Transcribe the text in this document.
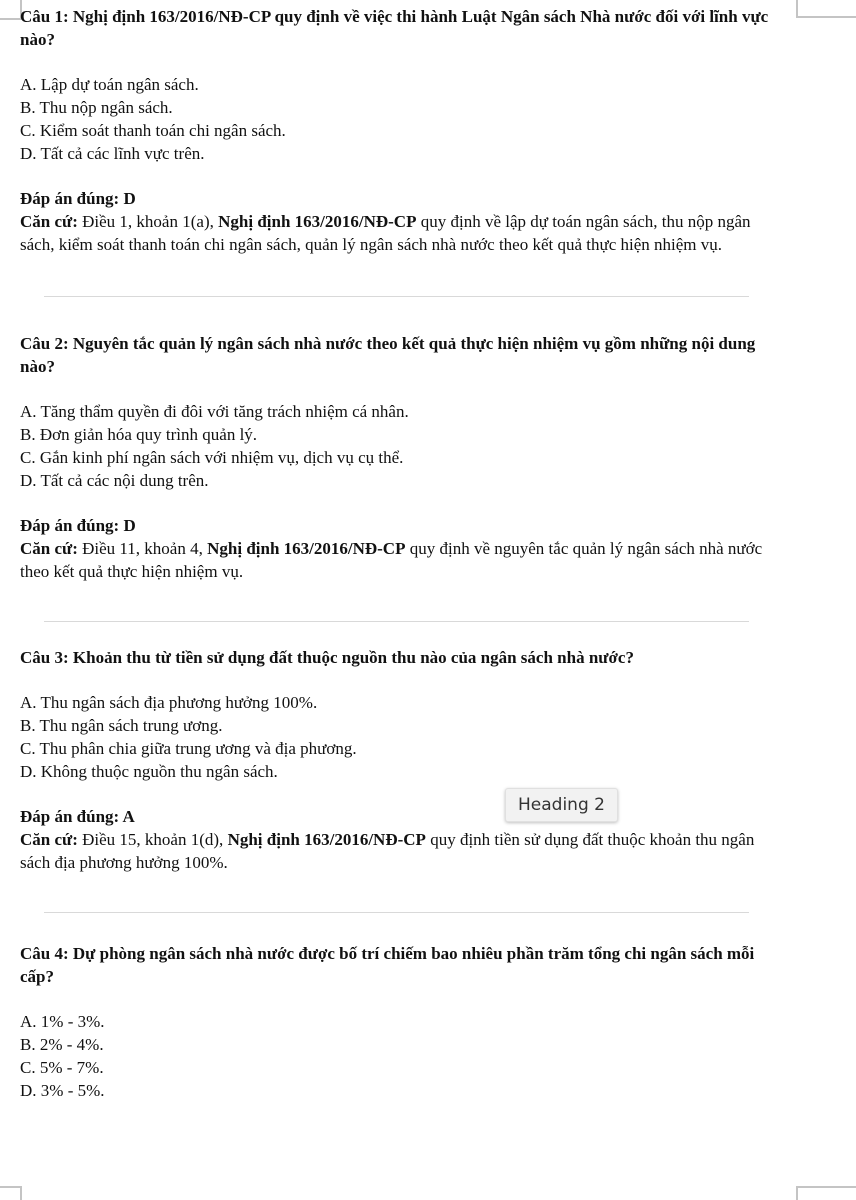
Câu 1: Nghị định 163/2016/NĐ-CP quy định về việc thi hành Luật Ngân sách Nhà nước đối với lĩnh vực nào?

A. Lập dự toán ngân sách.
B. Thu nộp ngân sách.
C. Kiểm soát thanh toán chi ngân sách.
D. Tất cả các lĩnh vực trên.
Đáp án đúng: D
Căn cứ: Điều 1, khoản 1(a), Nghị định 163/2016/NĐ-CP quy định về lập dự toán ngân sách, thu nộp ngân sách, kiểm soát thanh toán chi ngân sách, quản lý ngân sách nhà nước theo kết quả thực hiện nhiệm vụ.

Câu 2: Nguyên tắc quản lý ngân sách nhà nước theo kết quả thực hiện nhiệm vụ gồm những nội dung nào?

A. Tăng thẩm quyền đi đôi với tăng trách nhiệm cá nhân.
B. Đơn giản hóa quy trình quản lý.
C. Gắn kinh phí ngân sách với nhiệm vụ, dịch vụ cụ thể.
D. Tất cả các nội dung trên.
Đáp án đúng: D
Căn cứ: Điều 11, khoản 4, Nghị định 163/2016/NĐ-CP quy định về nguyên tắc quản lý ngân sách nhà nước theo kết quả thực hiện nhiệm vụ.

Câu 3: Khoản thu từ tiền sử dụng đất thuộc nguồn thu nào của ngân sách nhà nước?

A. Thu ngân sách địa phương hưởng 100%.
B. Thu ngân sách trung ương.
C. Thu phân chia giữa trung ương và địa phương.
D. Không thuộc nguồn thu ngân sách.
Đáp án đúng: A
Căn cứ: Điều 15, khoản 1(d), Nghị định 163/2016/NĐ-CP quy định tiền sử dụng đất thuộc khoản thu ngân sách địa phương hưởng 100%.

Câu 4: Dự phòng ngân sách nhà nước được bố trí chiếm bao nhiêu phần trăm tổng chi ngân sách mỗi cấp?

A. 1% - 3%.
B. 2% - 4%.
C. 5% - 7%.
D. 3% - 5%.
Heading 2
